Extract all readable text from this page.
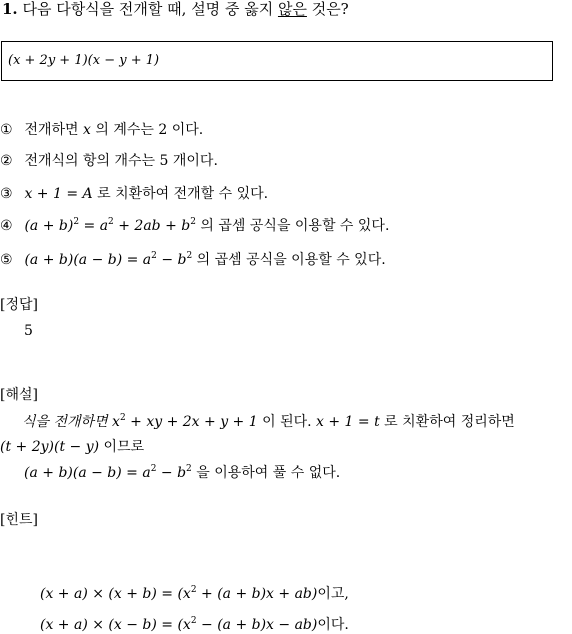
1. 다음 다항식을 전개할 때, 설명 중 옳지 않은 것은?
(x + 2y + 1)(x − y + 1)
① 전개하면 x 의 계수는 2 이다.
② 전개식의 항의 개수는 5 개이다.
③ x + 1 = A 로 치환하여 전개할 수 있다.
④ $(a + b)^2 = a^2 + 2ab + b^2$ 의 곱셈 공식을 이용할 수 있다.
⑤ $(a + b)(a - b) = a^2 - b^2$ 의 곱셈 공식을 이용할 수 있다.
[정답]
5
[해설]
식을 전개하면 $x^2$ + xy + 2x + y + 1 이 된다. x + 1 = t 로 치환하여 정리하면
(t + 2y)(t − y) 이므로
$(a + b)(a - b) = a^2 - b^2$ 을 이용하여 풀 수 없다.
[힌트]
$(x + a) \times (x + b) = (x^2 + (a + b)x + ab)$이고,
$(x + a) \times (x - b) = (x^2 - (a + b)x - ab)$이다.
